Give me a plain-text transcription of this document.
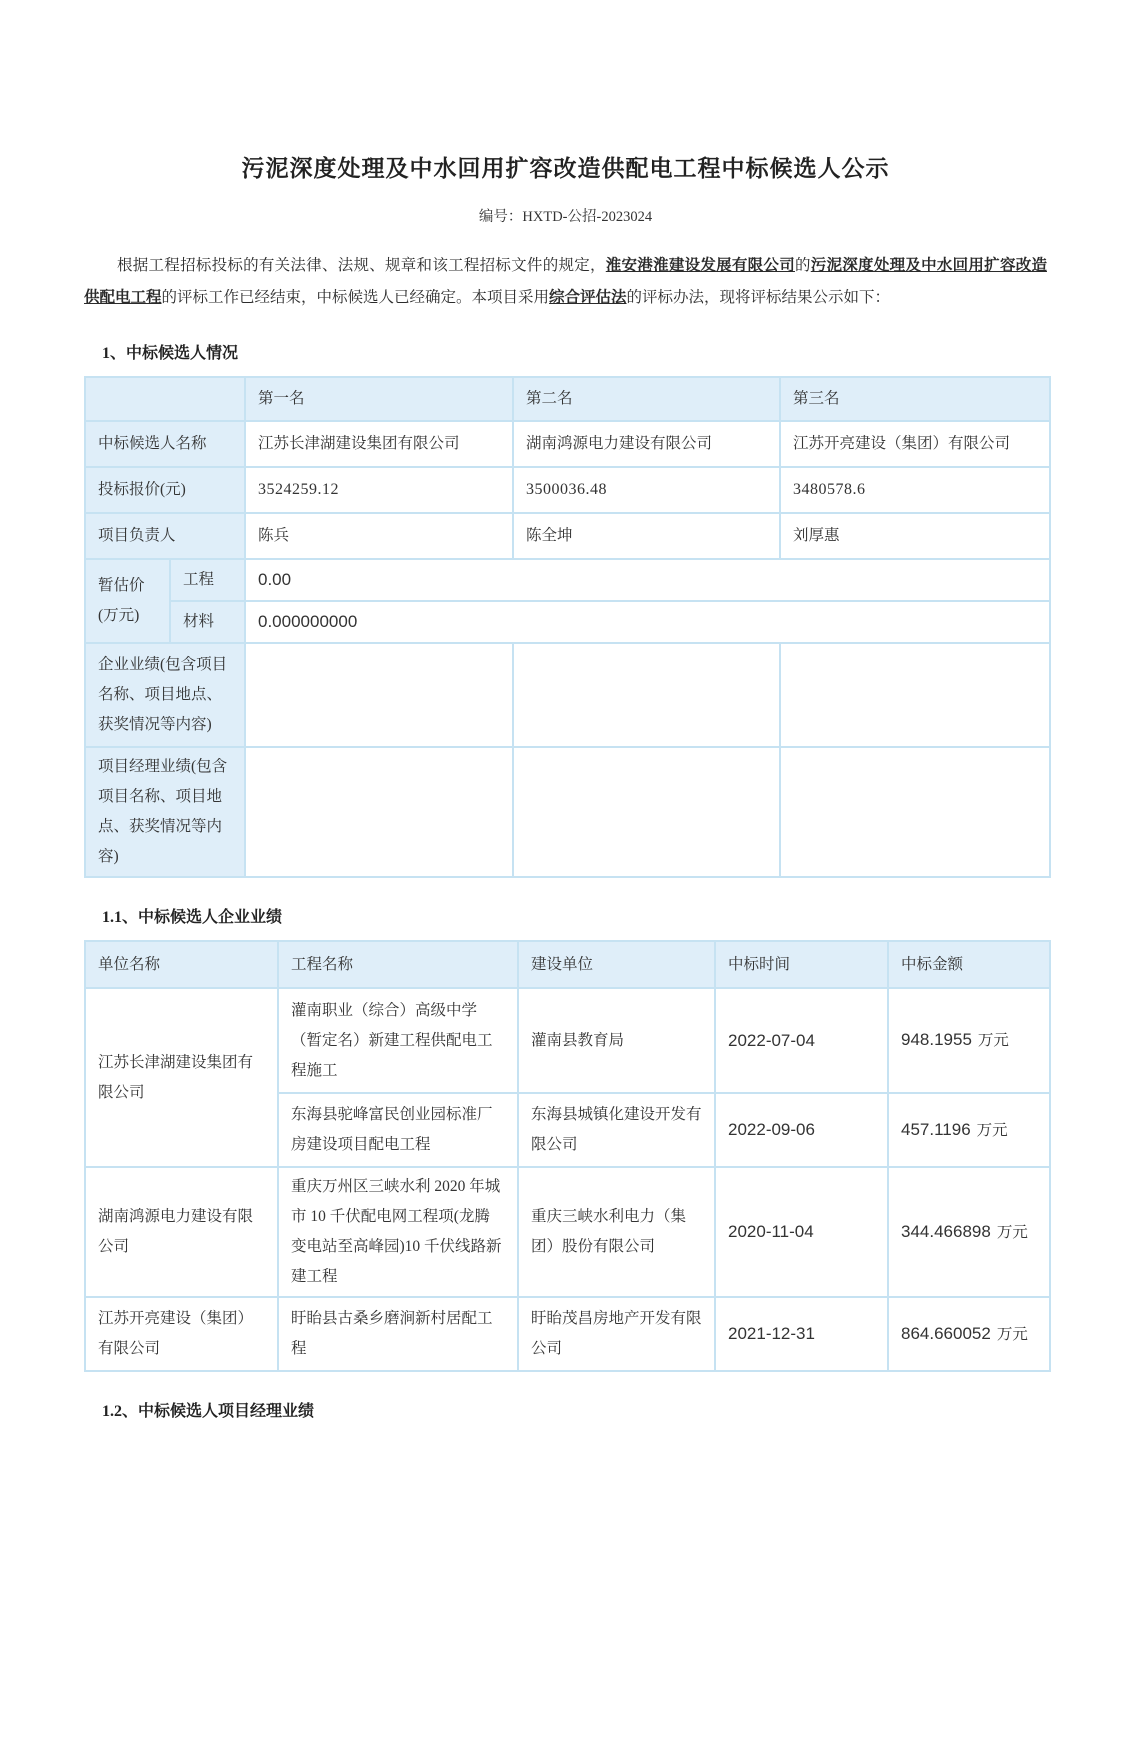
污泥深度处理及中水回用扩容改造供配电工程中标候选人公示
编号：HXTD-公招-2023024

根据工程招标投标的有关法律、法规、规章和该工程招标文件的规定，淮安港淮建设发展有限公司的污泥深度处理及中水回用扩容改造供配电工程的评标工作已经结束，中标候选人已经确定。本项目采用综合评估法的评标办法，现将评标结果公示如下：

1、中标候选人情况
		第一名	第二名	第三名
中标候选人名称		江苏长津湖建设集团有限公司	湖南鸿源电力建设有限公司	江苏开亮建设（集团）有限公司
投标报价(元)		3524259.12	3500036.48	3480578.6
项目负责人		陈兵	陈全坤	刘厚惠

暂估价
(万元)	工程	0.00		
	材料	0.000000000		
企业业绩(包含项目名称、项目地点、获奖情况等内容)				
项目经理业绩(包含项目名称、项目地点、获奖情况等内容)				
1.1、中标候选人企业业绩
单位名称	工程名称	建设单位	中标时间	中标金额
江苏长津湖建设集团有限公司	灌南职业（综合）高级中学（暂定名）新建工程供配电工程施工	灌南县教育局	2022-07-04	948.1955 万元
	东海县驼峰富民创业园标准厂房建设项目配电工程	东海县城镇化建设开发有限公司	2022-09-06	457.1196 万元
湖南鸿源电力建设有限公司	重庆万州区三峡水利 2020 年城市 10 千伏配电网工程项(龙腾变电站至高峰园)10 千伏线路新建工程	重庆三峡水利电力（集团）股份有限公司	2020-11-04	344.466898 万元
江苏开亮建设（集团）有限公司	盱眙县古桑乡磨涧新村居配工程	盱眙茂昌房地产开发有限公司	2021-12-31	864.660052 万元
1.2、中标候选人项目经理业绩
